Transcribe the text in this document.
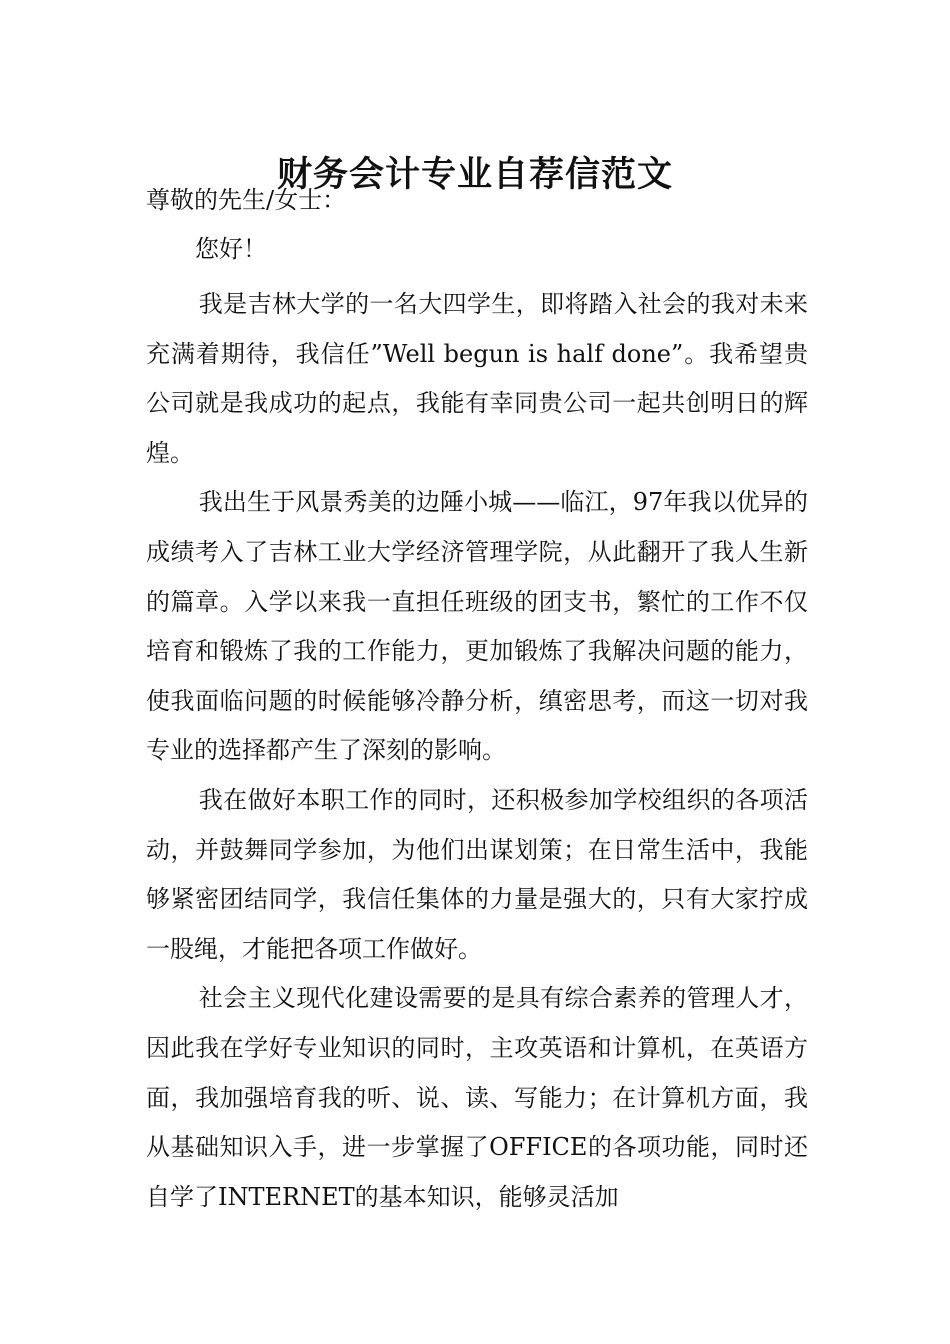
财务会计专业自荐信范文

尊敬的先生/女士：

您好！

我是吉林大学的一名大四学生，即将踏入社会的我对未来充满着期待，我信任”Well begun is half done”。我希望贵公司就是我成功的起点，我能有幸同贵公司一起共创明日的辉煌。

我出生于风景秀美的边陲小城——临江，97年我以优异的成绩考入了吉林工业大学经济管理学院，从此翻开了我人生新的篇章。入学以来我一直担任班级的团支书，繁忙的工作不仅培育和锻炼了我的工作能力，更加锻炼了我解决问题的能力，使我面临问题的时候能够冷静分析，缜密思考，而这一切对我专业的选择都产生了深刻的影响。

我在做好本职工作的同时，还积极参加学校组织的各项活动，并鼓舞同学参加，为他们出谋划策；在日常生活中，我能够紧密团结同学，我信任集体的力量是强大的，只有大家拧成一股绳，才能把各项工作做好。

社会主义现代化建设需要的是具有综合素养的管理人才，因此我在学好专业知识的同时，主攻英语和计算机，在英语方面，我加强培育我的听、说、读、写能力；在计算机方面，我从基础知识入手，进一步掌握了OFFICE的各项功能，同时还自学了INTERNET的基本知识，能够灵活加
